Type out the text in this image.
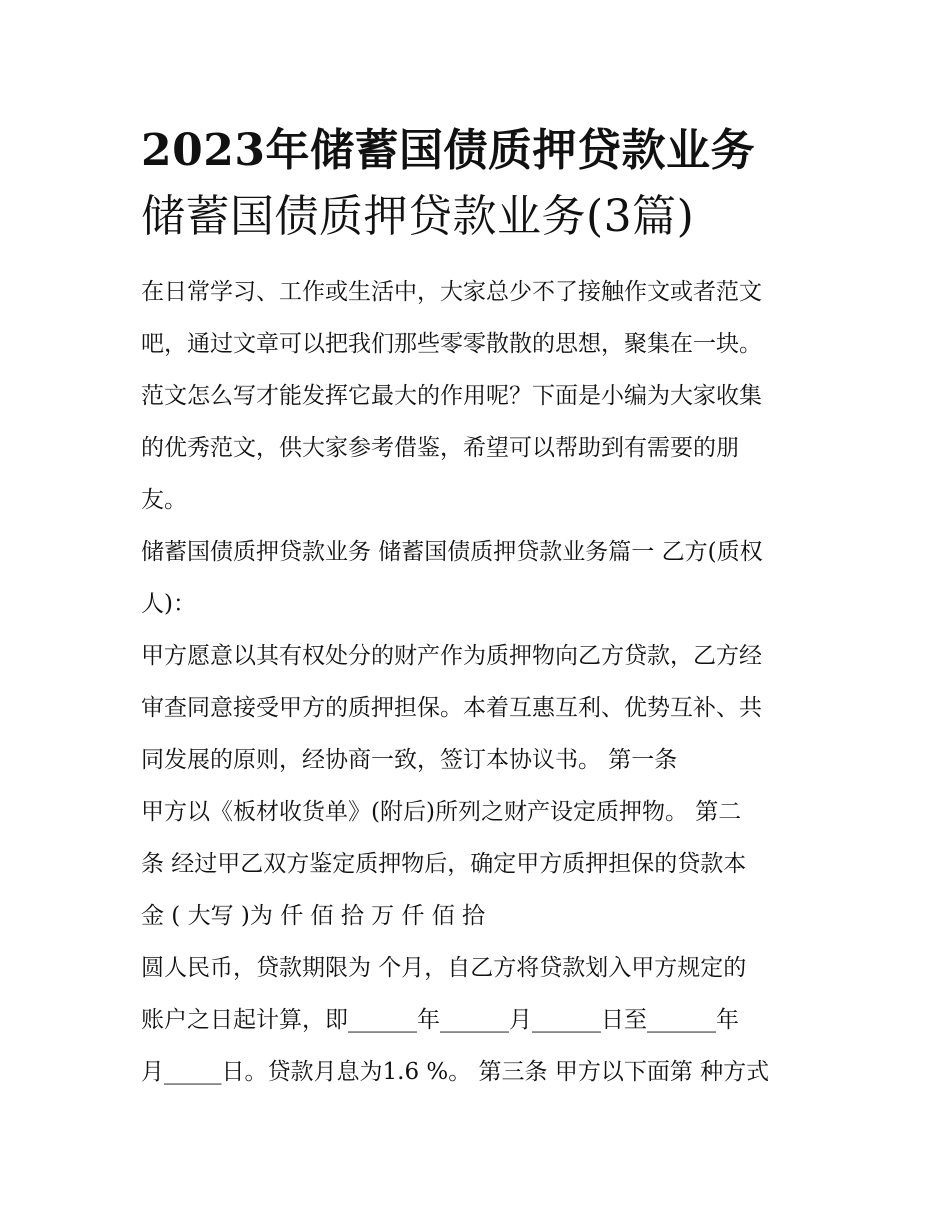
2023年储蓄国债质押贷款业务
储蓄国债质押贷款业务(3篇)
在日常学习、工作或生活中，大家总少不了接触作文或者范文
吧，通过文章可以把我们那些零零散散的思想，聚集在一块。
范文怎么写才能发挥它最大的作用呢？下面是小编为大家收集
的优秀范文，供大家参考借鉴，希望可以帮助到有需要的朋
友。
储蓄国债质押贷款业务 储蓄国债质押贷款业务篇一 乙方(质权
人)：
甲方愿意以其有权处分的财产作为质押物向乙方贷款，乙方经
审查同意接受甲方的质押担保。本着互惠互利、优势互补、共
同发展的原则，经协商一致，签订本协议书。 第一条
甲方以《板材收货单》(附后)所列之财产设定质押物。 第二
条 经过甲乙双方鉴定质押物后，确定甲方质押担保的贷款本
金 ( 大写 )为 仟 佰 拾 万 仟 佰 拾
圆人民币，贷款期限为 个月，自乙方将贷款划入甲方规定的
账户之日起计算，即______年______月______日至______年
月_____日。贷款月息为1.6 %。 第三条 甲方以下面第 种方式
